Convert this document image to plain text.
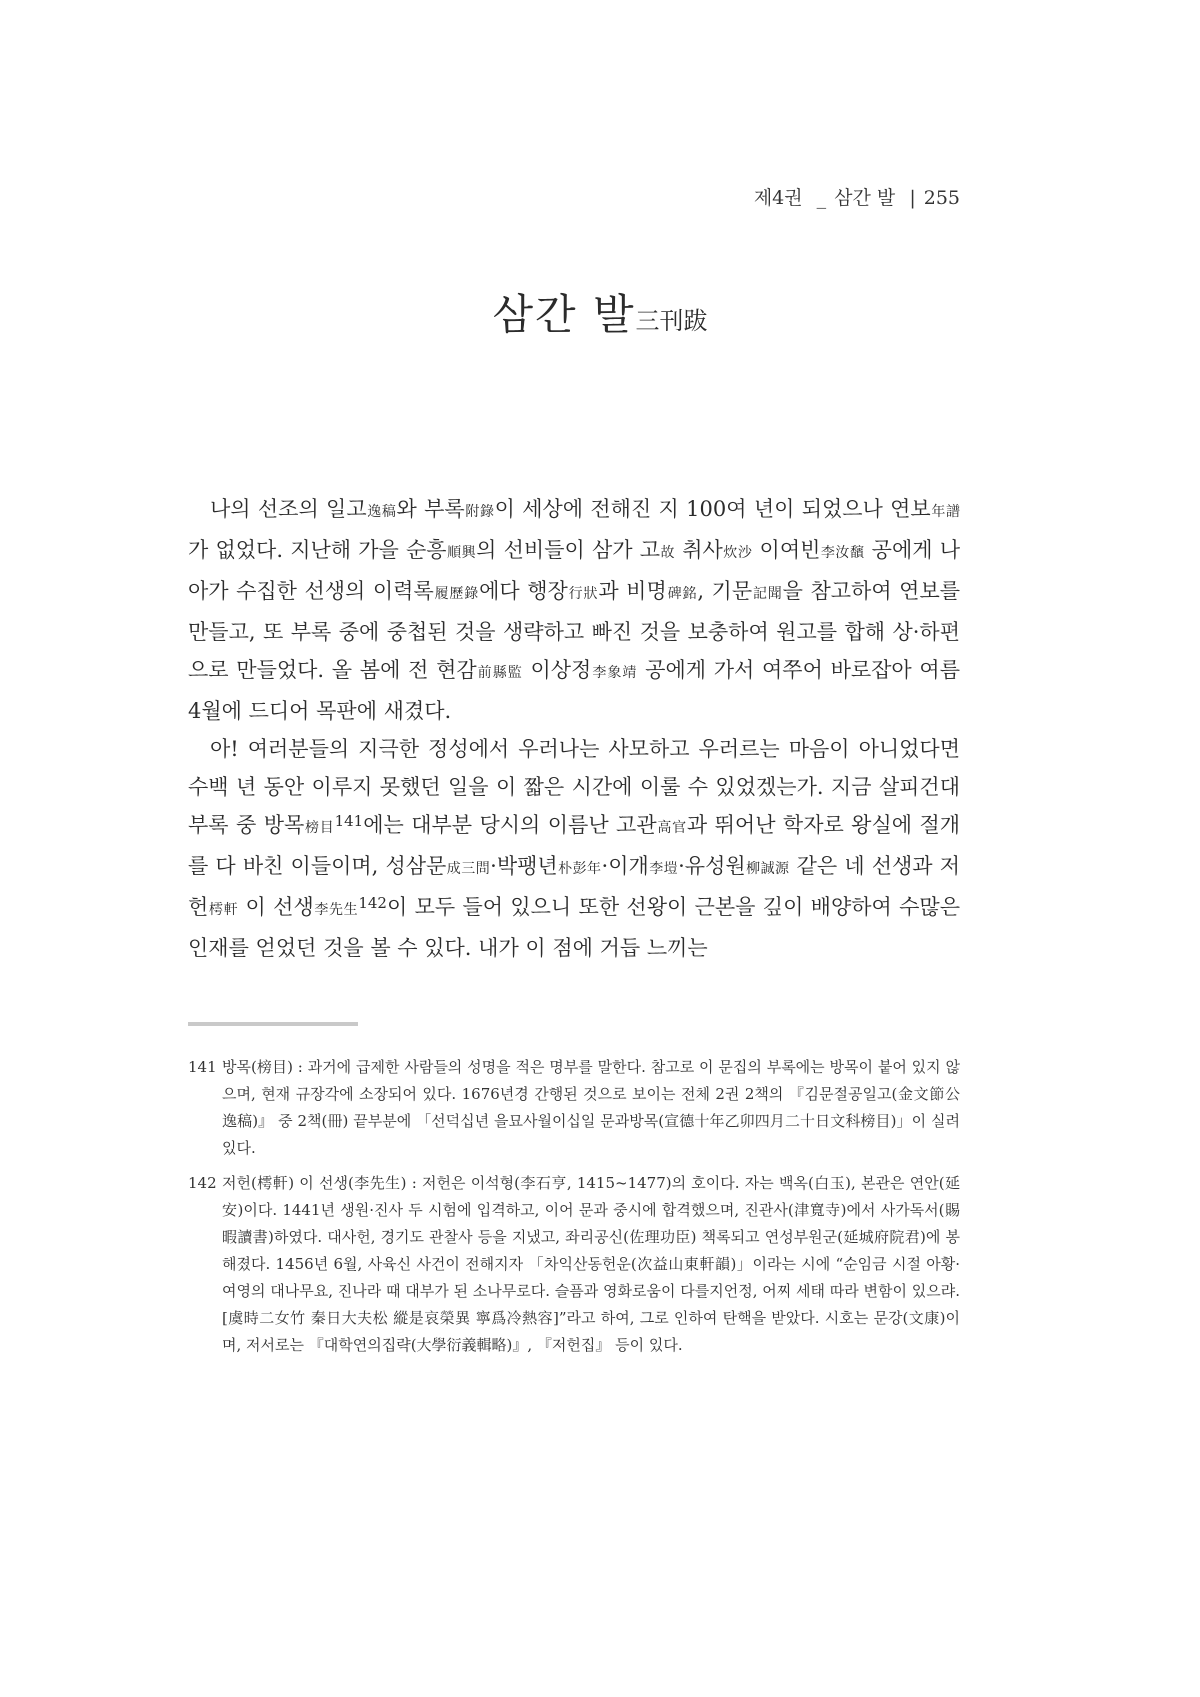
제4권 _ 삼간 발 | 255
삼간 발三刊跋

나의 선조의 일고逸稿와 부록附錄이 세상에 전해진 지 100여 년이 되었으나 연보年譜가 없었다. 지난해 가을 순흥順興의 선비들이 삼가 고故 취사炊沙 이여빈李汝馪 공에게 나아가 수집한 선생의 이력록履歷錄에다 행장行狀과 비명碑銘, 기문記聞을 참고하여 연보를 만들고, 또 부록 중에 중첩된 것을 생략하고 빠진 것을 보충하여 원고를 합해 상·하편으로 만들었다. 올 봄에 전 현감前縣監 이상정李象靖 공에게 가서 여쭈어 바로잡아 여름 4월에 드디어 목판에 새겼다.

아! 여러분들의 지극한 정성에서 우러나는 사모하고 우러르는 마음이 아니었다면 수백 년 동안 이루지 못했던 일을 이 짧은 시간에 이룰 수 있었겠는가. 지금 살피건대 부록 중 방목榜目$^{141}$에는 대부분 당시의 이름난 고관高官과 뛰어난 학자로 왕실에 절개를 다 바친 이들이며, 성삼문成三問·박팽년朴彭年·이개李塏·유성원柳誠源 같은 네 선생과 저헌樗軒 이 선생李先生$^{142}$이 모두 들어 있으니 또한 선왕이 근본을 깊이 배양하여 수많은 인재를 얻었던 것을 볼 수 있다. 내가 이 점에 거듭 느끼는

141 방목(榜目) : 과거에 급제한 사람들의 성명을 적은 명부를 말한다. 참고로 이 문집의 부록에는 방목이 붙어 있지 않으며, 현재 규장각에 소장되어 있다. 1676년경 간행된 것으로 보이는 전체 2권 2책의 『김문절공일고(金文節公逸稿)』 중 2책(冊) 끝부분에 「선덕십년 을묘사월이십일 문과방목(宣德十年乙卯四月二十日文科榜目)」이 실려 있다.
142 저헌(樗軒) 이 선생(李先生) : 저헌은 이석형(李石亨, 1415~1477)의 호이다. 자는 백옥(白玉), 본관은 연안(延安)이다. 1441년 생원·진사 두 시험에 입격하고, 이어 문과 중시에 합격했으며, 진관사(津寬寺)에서 사가독서(賜暇讀書)하였다. 대사헌, 경기도 관찰사 등을 지냈고, 좌리공신(佐理功臣) 책록되고 연성부원군(延城府院君)에 봉해졌다. 1456년 6월, 사육신 사건이 전해지자 「차익산동헌운(次益山東軒韻)」이라는 시에 “순임금 시절 아황·여영의 대나무요, 진나라 때 대부가 된 소나무로다. 슬픔과 영화로움이 다를지언정, 어찌 세태 따라 변함이 있으랴.[虞時二女竹 秦日大夫松 縱是哀榮異 寧爲冷熱容]”라고 하여, 그로 인하여 탄핵을 받았다. 시호는 문강(文康)이며, 저서로는 『대학연의집략(大學衍義輯略)』, 『저헌집』 등이 있다.
